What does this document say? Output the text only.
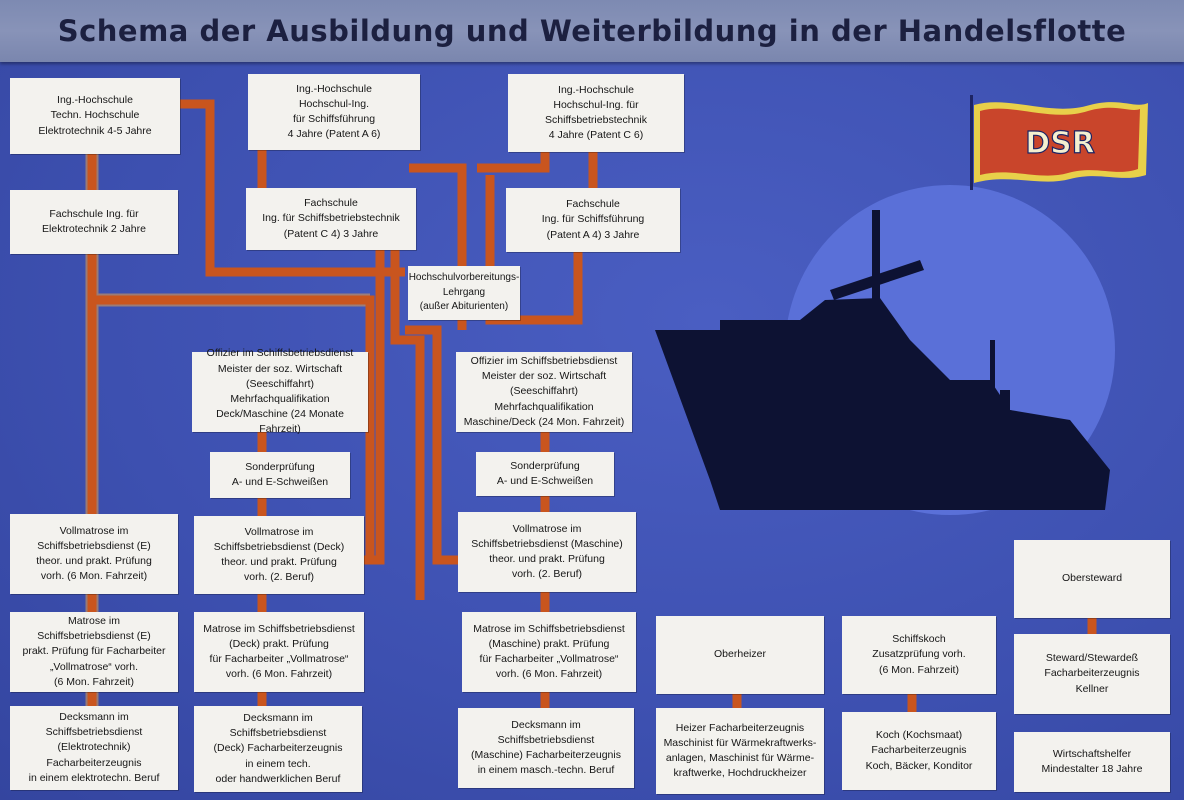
Schema der Ausbildung und Weiterbildung in der Handelsflotte
DSR
Ing.-Hochschule
Techn. Hochschule
Elektrotechnik 4-5 Jahre
Ing.-Hochschule
Hochschul-Ing.
für Schiffsführung
4 Jahre (Patent A 6)
Ing.-Hochschule
Hochschul-Ing. für
Schiffsbetriebstechnik
4 Jahre (Patent C 6)
Fachschule Ing. für
Elektrotechnik 2 Jahre
Fachschule
Ing. für Schiffsbetriebstechnik
(Patent C 4) 3 Jahre
Fachschule
Ing. für Schiffsführung
(Patent A 4) 3 Jahre
Hochschulvorbereitungs-
Lehrgang
(außer Abiturienten)
Offizier im Schiffsbetriebsdienst
Meister der soz. Wirtschaft
(Seeschiffahrt) Mehrfachqualifikation
Deck/Maschine (24 Monate Fahrzeit)
Offizier im Schiffsbetriebsdienst
Meister der soz. Wirtschaft
(Seeschiffahrt) Mehrfachqualifikation
Maschine/Deck (24 Mon. Fahrzeit)
Sonderprüfung
A- und E-Schweißen
Sonderprüfung
A- und E-Schweißen
Vollmatrose im
Schiffsbetriebsdienst (E)
theor. und prakt. Prüfung
vorh. (6 Mon. Fahrzeit)
Vollmatrose im
Schiffsbetriebsdienst (Deck)
theor. und prakt. Prüfung
vorh. (2. Beruf)
Vollmatrose im
Schiffsbetriebsdienst (Maschine)
theor. und prakt. Prüfung
vorh. (2. Beruf)
Matrose im
Schiffsbetriebsdienst (E)
prakt. Prüfung für Facharbeiter
„Vollmatrose“ vorh.
(6 Mon. Fahrzeit)
Matrose im Schiffsbetriebsdienst
(Deck) prakt. Prüfung
für Facharbeiter „Vollmatrose“
vorh. (6 Mon. Fahrzeit)
Matrose im Schiffsbetriebsdienst
(Maschine) prakt. Prüfung
für Facharbeiter „Vollmatrose“
vorh. (6 Mon. Fahrzeit)
Decksmann im
Schiffsbetriebsdienst
(Elektrotechnik)
Facharbeiterzeugnis
in einem elektrotechn. Beruf
Decksmann im
Schiffsbetriebsdienst
(Deck) Facharbeiterzeugnis
in einem tech.
oder handwerklichen Beruf
Decksmann im
Schiffsbetriebsdienst
(Maschine) Facharbeiterzeugnis
in einem masch.-techn. Beruf
Oberheizer
Heizer Facharbeiterzeugnis
Maschinist für Wärmekraftwerks-
anlagen, Maschinist für Wärme-
kraftwerke, Hochdruckheizer
Schiffskoch
Zusatzprüfung vorh.
(6 Mon. Fahrzeit)
Koch (Kochsmaat)
Facharbeiterzeugnis
Koch, Bäcker, Konditor
Obersteward
Steward/Stewardeß
Facharbeiterzeugnis
Kellner
Wirtschaftshelfer
Mindestalter 18 Jahre
